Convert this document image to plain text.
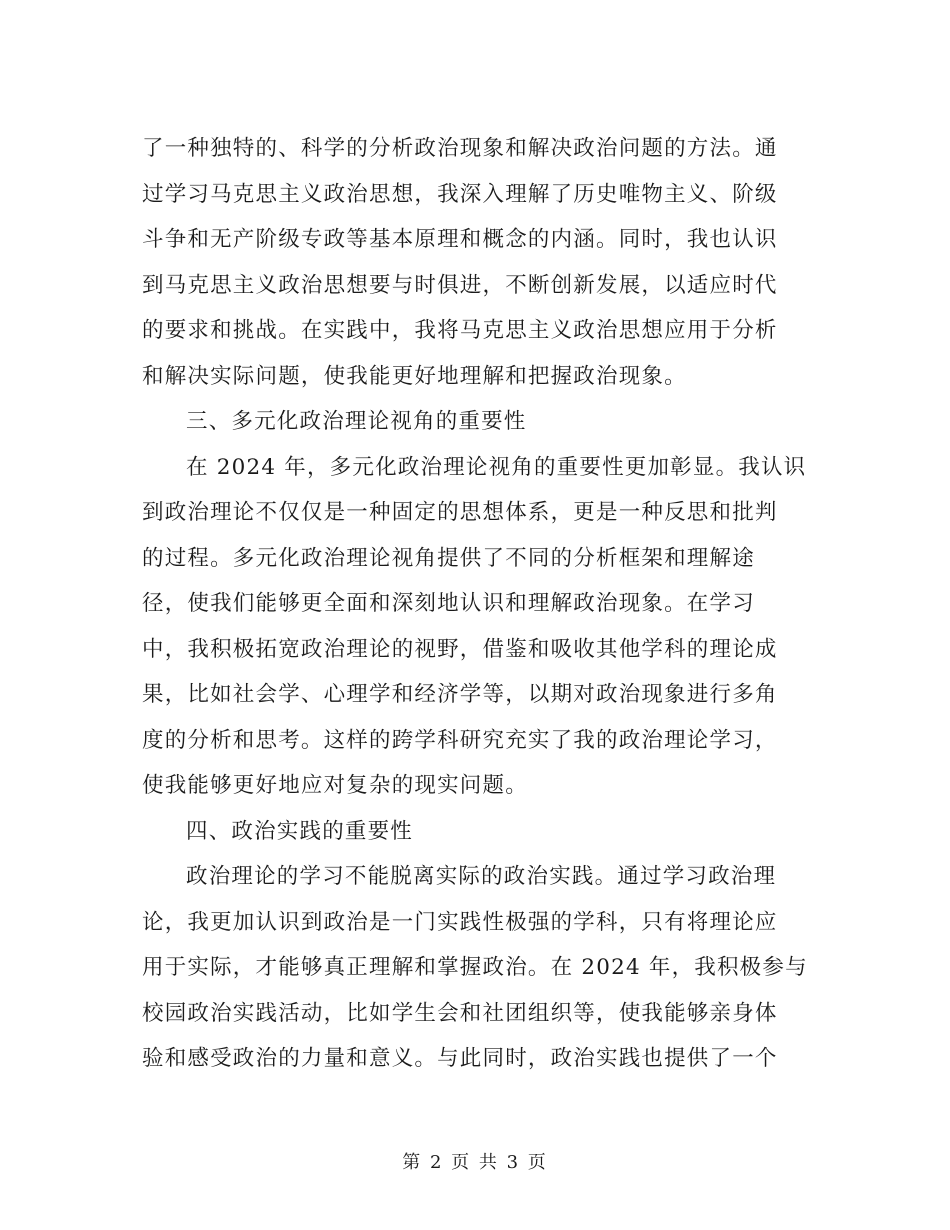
了一种独特的、科学的分析政治现象和解决政治问题的方法。通
过学习马克思主义政治思想，我深入理解了历史唯物主义、阶级
斗争和无产阶级专政等基本原理和概念的内涵。同时，我也认识
到马克思主义政治思想要与时俱进，不断创新发展，以适应时代
的要求和挑战。在实践中，我将马克思主义政治思想应用于分析
和解决实际问题，使我能更好地理解和把握政治现象。
三、多元化政治理论视角的重要性
在 2024 年，多元化政治理论视角的重要性更加彰显。我认识
到政治理论不仅仅是一种固定的思想体系，更是一种反思和批判
的过程。多元化政治理论视角提供了不同的分析框架和理解途
径，使我们能够更全面和深刻地认识和理解政治现象。在学习
中，我积极拓宽政治理论的视野，借鉴和吸收其他学科的理论成
果，比如社会学、心理学和经济学等，以期对政治现象进行多角
度的分析和思考。这样的跨学科研究充实了我的政治理论学习，
使我能够更好地应对复杂的现实问题。
四、政治实践的重要性
政治理论的学习不能脱离实际的政治实践。通过学习政治理
论，我更加认识到政治是一门实践性极强的学科，只有将理论应
用于实际，才能够真正理解和掌握政治。在 2024 年，我积极参与
校园政治实践活动，比如学生会和社团组织等，使我能够亲身体
验和感受政治的力量和意义。与此同时，政治实践也提供了一个
第 2 页 共 3 页
